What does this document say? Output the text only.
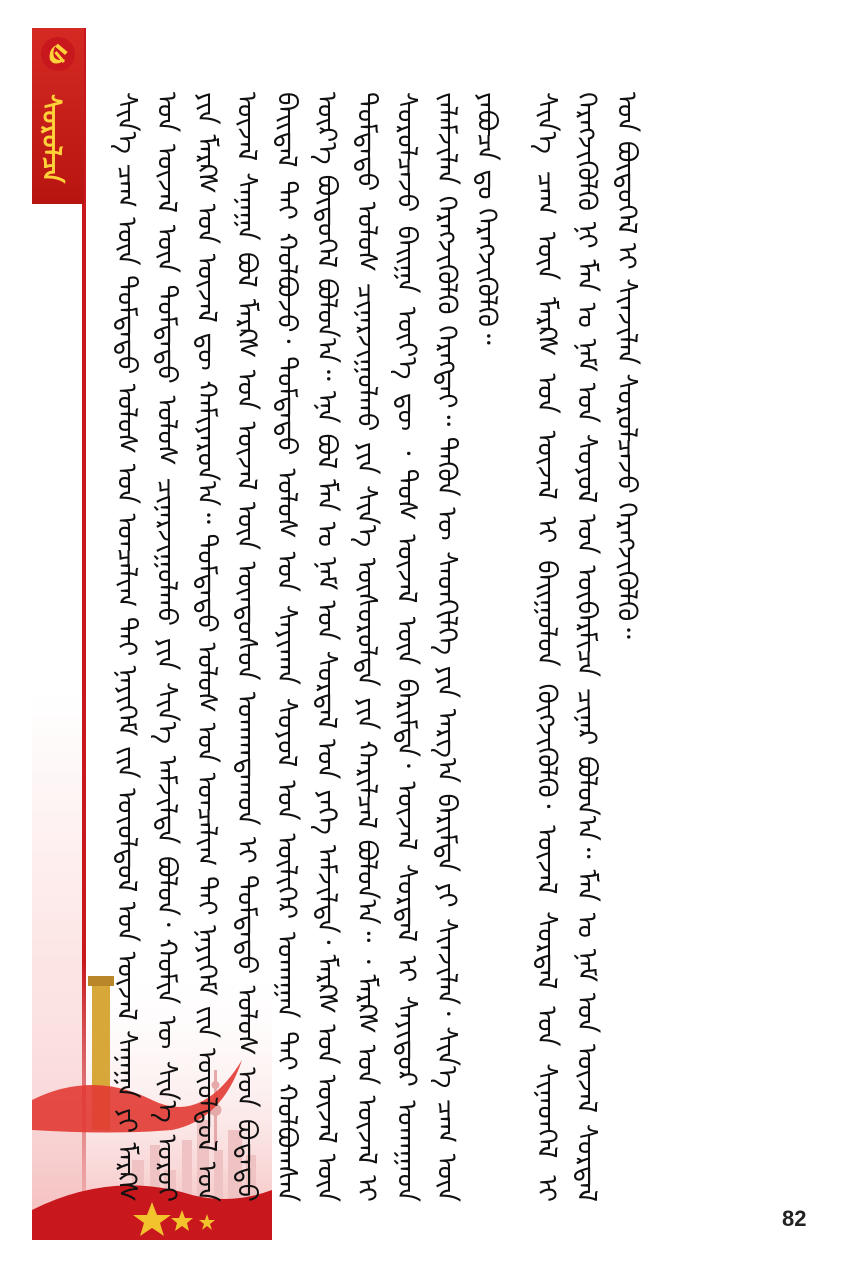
ᠰᠤᠷᠤᠯᠴᠠ	ᠰᠢᠨ᠎ᠡ ᠴᠠᠭ ᠦᠨ ᠳᠤᠮᠳᠠᠳᠤ ᠤᠯᠤᠰ ᠤᠨ ᠣᠨᠴᠠᠯᠢᠭ ᠲᠠᠢ ᠨᠡᠶᠢᠭᠡᠮ ᠵᠢᠨ ᠤᠶ᠋ᠤᠯᠳᠤᠯ ᠤᠨ ᠦᠵᠡᠯ ᠰᠠᠨᠠᠭᠠ ᠶᠢ ᠮᠠᠷᠺᠰ ᠤᠨ ᠦᠵᠡᠯ ᠦᠨ ᠳᠤᠮᠳᠠᠳᠤ ᠤᠯᠤᠰ ᠴᠢᠨᠠᠷᠵᠢᠭᠤᠯᠬᠤ ᠶᠢᠨ ᠰᠢᠨ᠎ᠡ ᠠᠮᠵᠢᠯᠲᠠ ᠪᠣᠯᠤᠨ᠂ ᠬᠣᠮᠢᠨ ᠦ ᠰᠢᠨ᠎ᠡ ᠣᠷᠤᠢ ᠶᠢᠨ ᠮᠠᠷᠺᠰ ᠤᠨ ᠦᠵᠡᠯ ᠳᠦ ᠬᠠᠮᠢᠶᠠᠷᠤᠨ᠎ᠠ᠃ ᠳᠤᠮᠳᠠᠳᠤ ᠤᠯᠤᠰ ᠤᠨ ᠣᠨᠴᠠᠯᠢᠭ ᠲᠠᠢ ᠨᠡᠶᠢᠭᠡᠮ ᠵᠢᠨ ᠤᠶ᠋ᠤᠯᠳᠤᠯ ᠤᠨ ᠦᠵᠡᠯ ᠰᠠᠨᠠᠭᠠ ᠪᠣᠯ ᠮᠠᠷᠺᠰ ᠤᠨ ᠦᠵᠡᠯ ᠦᠨ ᠦᠨᠳᠦᠰᠦᠨ ᠤᠬᠠᠭᠳᠠᠬᠤᠨ ᠢ ᠳᠤᠮᠳᠠᠳᠤ ᠤᠯᠤᠰ ᠤᠨ ᠪᠣᠳᠠᠲᠤ ᠪᠠᠢᠳᠠᠯ ᠲᠠᠢ ᠬᠣᠯᠪᠣᠵᠤ᠂ ᠳᠤᠮᠳᠠᠳᠤ ᠤᠯᠤᠰ ᠤᠨ ᠰᠠᠶᠢᠬᠠᠨ ᠰᠣᠶᠣᠯ ᠤᠨ ᠦᠯᠢᠭᠡᠷ ᠤᠬᠠᠭᠠᠨ ᠲᠠᠢ ᠬᠣᠯᠪᠣᠭᠰᠠᠨ ᠦᠷ᠎ᠡ ᠪᠦᠲᠦᠭᠡᠯ ᠪᠣᠯᠤᠨ᠎ᠠ᠃ ᠡᠨᠡ ᠪᠣᠯ ᠮᠠᠨ ᠤ ᠨᠠᠮ ᠤᠨ ᠰᠤᠷᠲᠠᠯ ᠤᠨ ᠶᠡᠬᠡ ᠠᠮᠵᠢᠯᠲᠠ᠂ ᠮᠠᠷᠺᠰ ᠤᠨ ᠦᠵᠡᠯ ᠦᠨ ᠳᠤᠮᠳᠠᠳᠤ ᠤᠯᠤᠰ ᠴᠢᠨᠠᠷᠵᠢᠭᠤᠯᠬᠤ ᠶᠢᠨ ᠰᠢᠨ᠎ᠡ ᠦᠰᠦᠷᠦᠯᠲᠡ ᠶᠢᠨ ᠬᠠᠷᠢᠯᠴᠠᠯ ᠪᠣᠯᠤᠨ᠎ᠠ᠃ ᠂ ᠮᠠᠷᠺᠰ ᠤᠨ ᠦᠵᠡᠯ ᠢ ᠰᠤᠷᠤᠯᠴᠠᠵᠤ ᠪᠠᠢᠭᠠ ᠦᠶ᠎ᠡ ᠳᠦ ᠂ ᠲᠤᠰ ᠦᠵᠡᠯ ᠦᠨ ᠪᠠᠷᠢᠮᠲᠠ᠂ ᠦᠵᠡᠯ ᠰᠤᠷᠲᠠᠯ ᠢ ᠰᠠᠶᠢᠲᠤᠷ ᠤᠬᠠᠭᠠᠳ ᠵᠠᠯᠠᠮᠵᠢᠯᠠᠨ ᠬᠡᠷᠡᠭᠵᠢᠭᠦᠯᠬᠦ ᠬᠡᠷᠡᠭᠲᠡᠢ᠃ ᠲᠡᠭᠦᠨ ᠦ ᠰᠡᠳᠬᠢᠯᠭᠡ ᠶᠢᠨ ᠠᠷᠭ᠎ᠠ ᠪᠠᠷᠢᠮᠲᠠ ᠶᠢ ᠰᠢᠨᠵᠢᠯᠡᠨ᠂ ᠰᠢᠨ᠎ᠡ ᠴᠠᠭ ᠦᠨ ᠶᠠᠪᠤᠴᠠ ᠳᠤ ᠬᠡᠷᠡᠭᠵᠢᠭᠦᠯᠬᠦ᠃ ᠰᠢᠨ᠎ᠡ ᠴᠠᠭ ᠦᠨ ᠮᠠᠷᠺᠰ ᠤᠨ ᠦᠵᠡᠯ ᠢ ᠪᠠᠢᠭᠤᠯᠤᠨ ᠬᠥᠭᠵᠢᠭᠦᠯᠬᠦ᠂ ᠦᠵᠡᠯ ᠰᠤᠷᠲᠠᠯ ᠤᠨ ᠰᠢᠨᠡᠳᠬᠡᠯ ᠢ ᠬᠡᠷᠡᠭᠵᠢᠭᠦᠯᠬᠦ ᠨᠢ ᠮᠠᠨ ᠤ ᠨᠠᠮ ᠤᠨ ᠰᠣᠶᠣᠯ ᠤᠨ ᠥᠪᠡᠷᠮᠢᠴᠡ ᠴᠢᠨᠠᠷ ᠪᠣᠯᠤᠨ᠎ᠠ᠃ ᠮᠠᠨ ᠤ ᠨᠠᠮ ᠤᠨ ᠦᠵᠡᠯ ᠰᠤᠷᠲᠠᠯ ᠤᠨ ᠪᠦᠲᠦᠭᠡᠯ ᠢ ᠰᠢᠨᠵᠢᠯᠡᠨ ᠰᠤᠷᠤᠯᠴᠠᠵᠤ ᠬᠡᠷᠡᠭᠵᠢᠭᠦᠯᠬᠦ᠃

82
